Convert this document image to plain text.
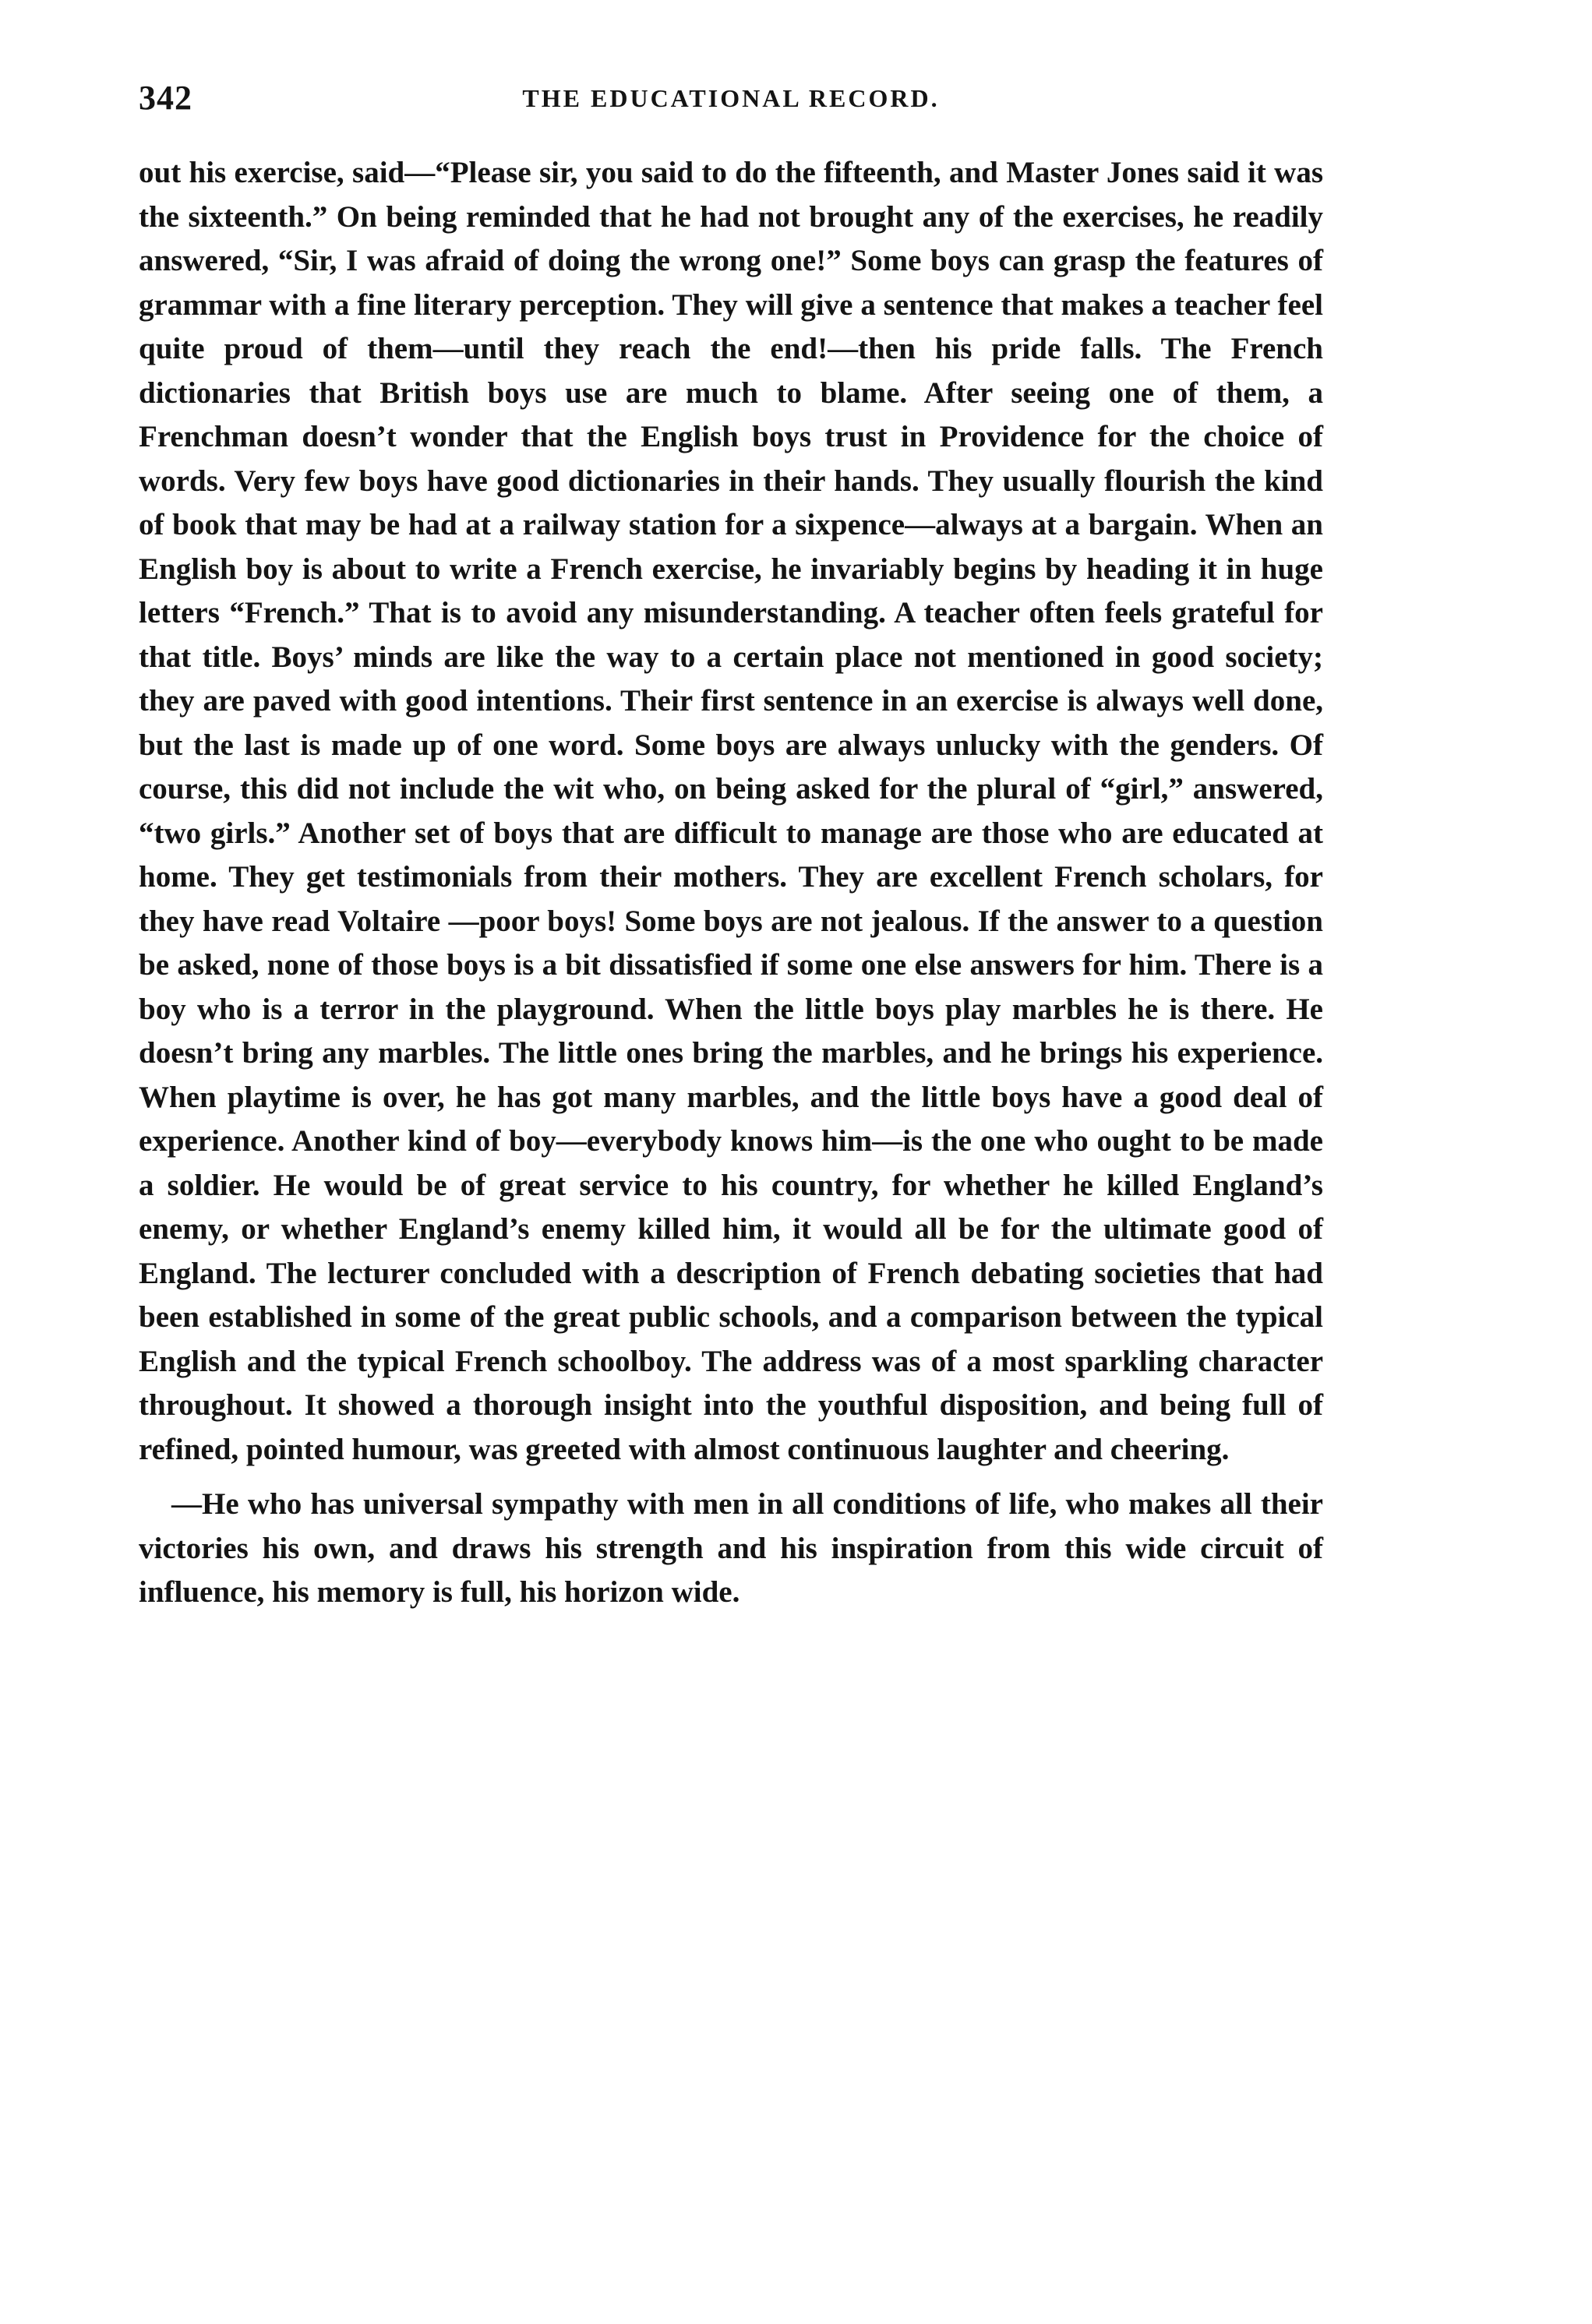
342	THE EDUCATIONAL RECORD.

out his exercise, said—“Please sir, you said to do the fifteenth, and Master Jones said it was the sixteenth.” On being reminded that he had not brought any of the exercises, he readily answered, “Sir, I was afraid of doing the wrong one!” Some boys can grasp the features of grammar with a fine literary perception. They will give a sentence that makes a teacher feel quite proud of them—until they reach the end!—then his pride falls. The French dictionaries that British boys use are much to blame. After seeing one of them, a Frenchman doesn’t wonder that the English boys trust in Providence for the choice of words. Very few boys have good dictionaries in their hands. They usually flourish the kind of book that may be had at a railway station for a sixpence—always at a bargain. When an English boy is about to write a French exercise, he invariably begins by heading it in huge letters “French.” That is to avoid any misunderstanding. A teacher often feels grateful for that title. Boys’ minds are like the way to a certain place not mentioned in good society; they are paved with good intentions. Their first sentence in an exercise is always well done, but the last is made up of one word. Some boys are always unlucky with the genders. Of course, this did not include the wit who, on being asked for the plural of “girl,” answered, “two girls.” Another set of boys that are difficult to manage are those who are educated at home. They get testimonials from their mothers. They are excellent French scholars, for they have read Voltaire —poor boys! Some boys are not jealous. If the answer to a question be asked, none of those boys is a bit dissatisfied if some one else answers for him. There is a boy who is a terror in the playground. When the little boys play marbles he is there. He doesn’t bring any marbles. The little ones bring the marbles, and he brings his experience. When playtime is over, he has got many marbles, and the little boys have a good deal of experience. Another kind of boy—everybody knows him—is the one who ought to be made a soldier. He would be of great service to his country, for whether he killed England’s enemy, or whether England’s enemy killed him, it would all be for the ultimate good of England. The lecturer concluded with a description of French debating societies that had been established in some of the great public schools, and a comparison between the typical English and the typical French schoolboy. The address was of a most sparkling character throughout. It showed a thorough insight into the youthful disposition, and being full of refined, pointed humour, was greeted with almost continuous laughter and cheering.

—He who has universal sympathy with men in all conditions of life, who makes all their victories his own, and draws his strength and his inspiration from this wide circuit of influence, his memory is full, his horizon wide.
